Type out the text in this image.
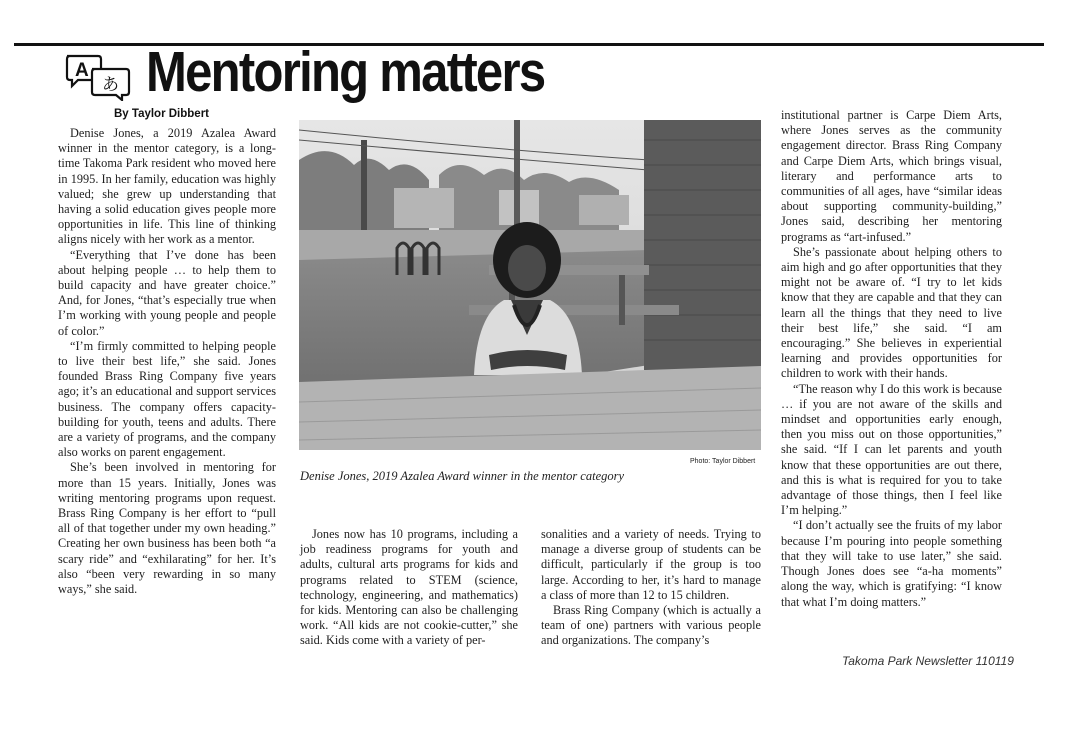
A
あ Mentoring matters
By Taylor Dibbert

Denise Jones, a 2019 Azalea Award winner in the mentor category, is a long-time Takoma Park resident who moved here in 1995. In her family, education was highly valued; she grew up understanding that having a solid education gives people more opportunities in life. This line of thinking aligns nicely with her work as a mentor.

“Everything that I’ve done has been about helping people … to help them to build capacity and have greater choice.” And, for Jones, “that’s especially true when I’m working with young people and people of color.”

“I’m firmly committed to helping people to live their best life,” she said. Jones founded Brass Ring Company five years ago; it’s an educational and support services business. The company offers capacity-building for youth, teens and adults. There are a variety of programs, and the company also works on parent engagement.

She’s been involved in mentoring for more than 15 years. Initially, Jones was writing mentoring programs upon request. Brass Ring Company is her effort to “pull all of that together under my own heading.” Creating her own business has been both “a scary ride” and “exhilarating” for her. It’s also “been very rewarding in so many ways,” she said.

Photo: Taylor Dibbert
Denise Jones, 2019 Azalea Award winner in the mentor category

Jones now has 10 programs, including a job readiness programs for youth and adults, cultural arts programs for kids and programs related to STEM (science, technology, engineering, and mathematics) for kids. Mentoring can also be challenging work. “All kids are not cookie-cutter,” she said. Kids come with a variety of per-

sonalities and a variety of needs. Trying to manage a diverse group of students can be difficult, particularly if the group is too large. According to her, it’s hard to manage a class of more than 12 to 15 children.

Brass Ring Company (which is actually a team of one) partners with various people and organizations. The company’s

institutional partner is Carpe Diem Arts, where Jones serves as the community engagement director. Brass Ring Company and Carpe Diem Arts, which brings visual, literary and performance arts to communities of all ages, have “similar ideas about supporting community-building,” Jones said, describing her mentoring programs as “art-infused.”

She’s passionate about helping others to aim high and go after opportunities that they might not be aware of. “I try to let kids know that they are capable and that they can learn all the things that they need to live their best life,” she said. “I am encouraging.” She believes in experiential learning and provides opportunities for children to work with their hands.

“The reason why I do this work is because … if you are not aware of the skills and mindset and opportunities early enough, then you miss out on those opportunities,” she said. “If I can let parents and youth know that these opportunities are out there, and this is what is required for you to take advantage of those things, then I feel like I’m helping.”

“I don’t actually see the fruits of my labor because I’m pouring into people something that they will take to use later,” she said. Though Jones does see “a-ha moments” along the way, which is gratifying: “I know that what I’m doing matters.”

Takoma Park Newsletter 110119
